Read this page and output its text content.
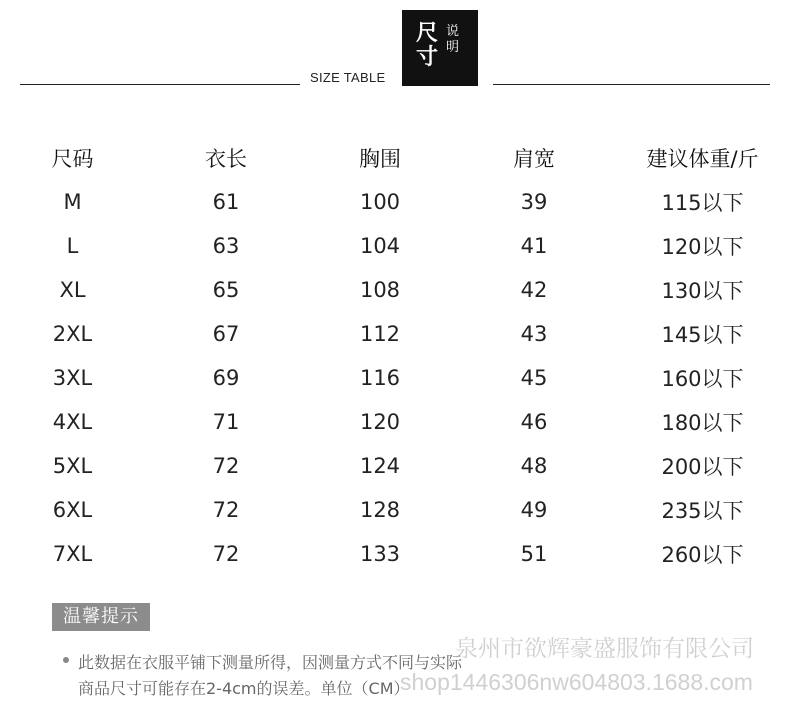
尺寸
说明
SIZE TABLE
尺码	衣长	胸围	肩宽	建议体重/斤
M	61	100	39	115以下
L	63	104	41	120以下
XL	65	108	42	130以下
2XL	67	112	43	145以下
3XL	69	116	45	160以下
4XL	71	120	46	180以下
5XL	72	124	48	200以下
6XL	72	128	49	235以下
7XL	72	133	51	260以下
温馨提示
此数据在衣服平铺下测量所得，因测量方式不同与实际
商品尺寸可能存在2-4cm的误差。单位（CM）
泉州市欲辉豪盛服饰有限公司
shop1446306nw604803.1688.com
